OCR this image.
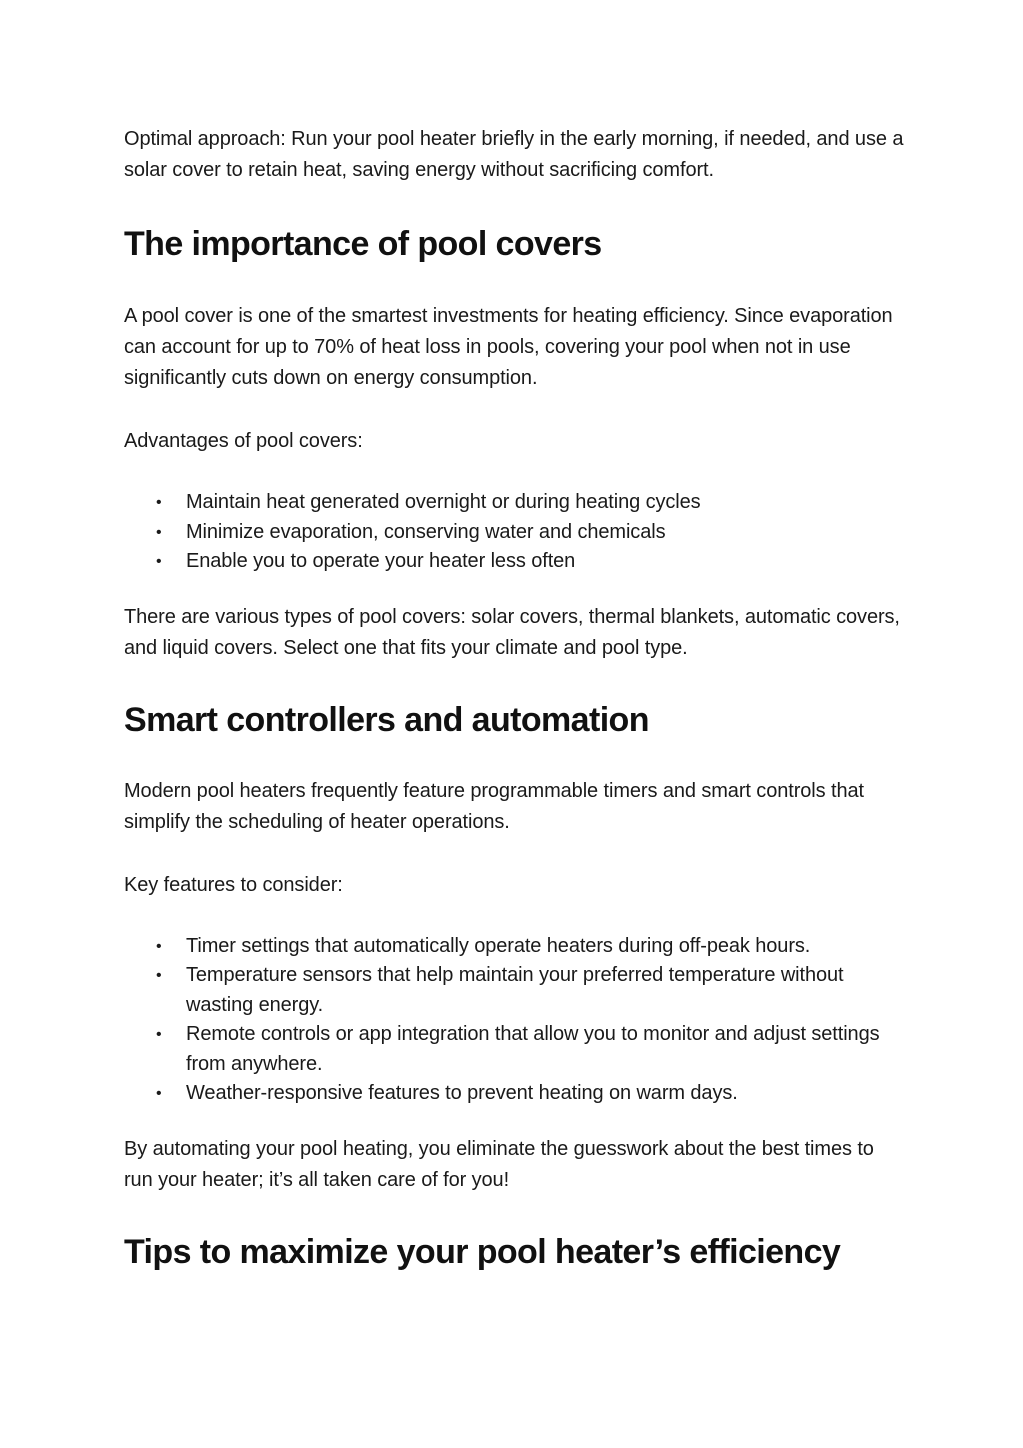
Optimal approach: Run your pool heater briefly in the early morning, if needed, and use a solar cover to retain heat, saving energy without sacrificing comfort.

The importance of pool covers

A pool cover is one of the smartest investments for heating efficiency. Since evaporation can account for up to 70% of heat loss in pools, covering your pool when not in use significantly cuts down on energy consumption.

Advantages of pool covers:

• Maintain heat generated overnight or during heating cycles
• Minimize evaporation, conserving water and chemicals
• Enable you to operate your heater less often

There are various types of pool covers: solar covers, thermal blankets, automatic covers, and liquid covers. Select one that fits your climate and pool type.

Smart controllers and automation

Modern pool heaters frequently feature programmable timers and smart controls that simplify the scheduling of heater operations.

Key features to consider:

• Timer settings that automatically operate heaters during off-peak hours.
• Temperature sensors that help maintain your preferred temperature without wasting energy.
• Remote controls or app integration that allow you to monitor and adjust settings from anywhere.
• Weather-responsive features to prevent heating on warm days.

By automating your pool heating, you eliminate the guesswork about the best times to run your heater; it’s all taken care of for you!

Tips to maximize your pool heater’s efficiency
